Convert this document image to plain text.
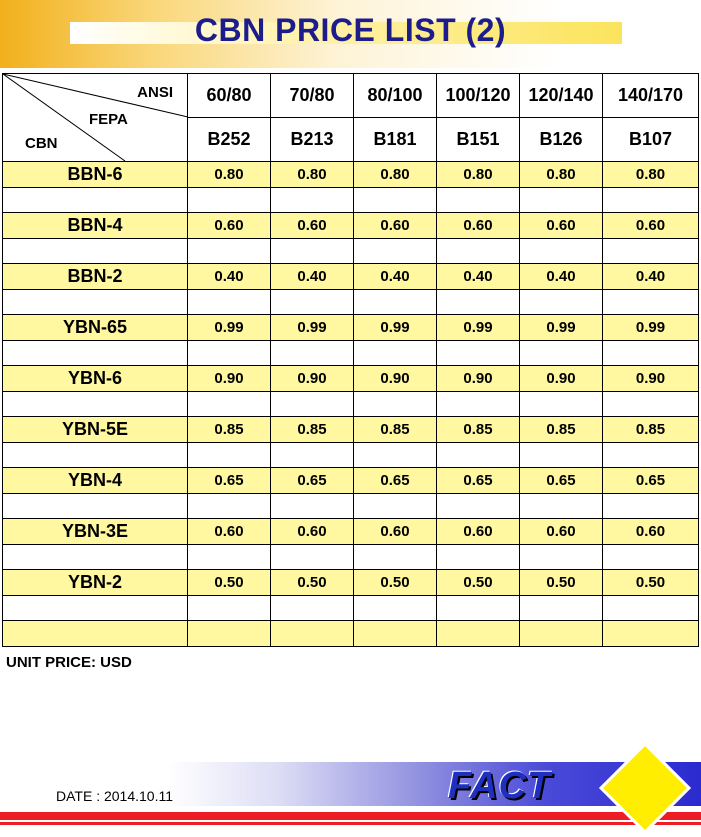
CBN PRICE LIST (2)
ANSI
FEPA
CBN	60/80	70/80	80/100	100/120	120/140	140/170
	B252	B213	B181	B151	B126	B107
BBN-6	0.80	0.80	0.80	0.80	0.80	0.80

BBN-4	0.60	0.60	0.60	0.60	0.60	0.60

BBN-2	0.40	0.40	0.40	0.40	0.40	0.40

YBN-65	0.99	0.99	0.99	0.99	0.99	0.99

YBN-6	0.90	0.90	0.90	0.90	0.90	0.90

YBN-5E	0.85	0.85	0.85	0.85	0.85	0.85

YBN-4	0.65	0.65	0.65	0.65	0.65	0.65

YBN-3E	0.60	0.60	0.60	0.60	0.60	0.60

YBN-2	0.50	0.50	0.50	0.50	0.50	0.50

UNIT PRICE: USD
DATE : 2014.10.11	FACT
